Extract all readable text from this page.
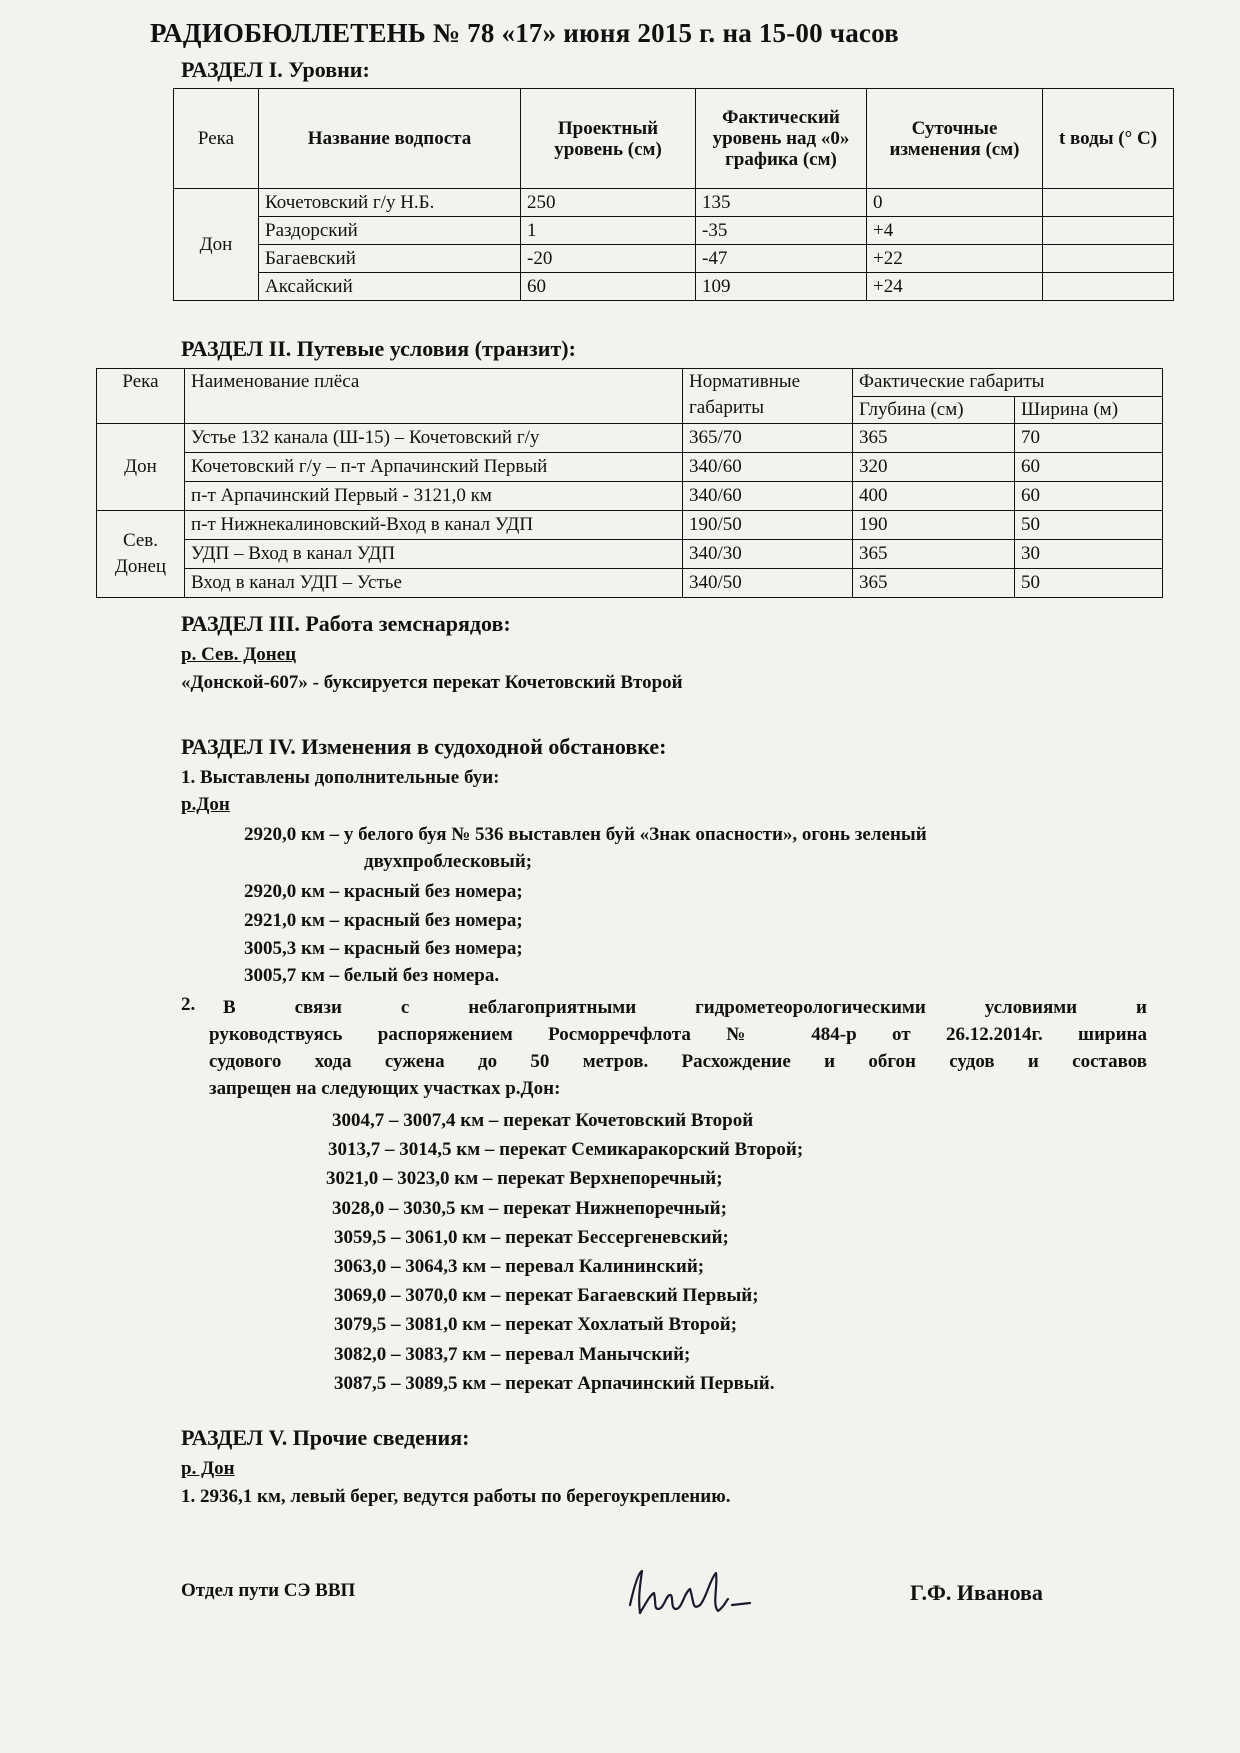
РАДИОБЮЛЛЕТЕНЬ № 78 «17» июня 2015 г. на 15-00 часов
РАЗДЕЛ I. Уровни:
Река	Название водпоста	Проектный уровень (см)	Фактический уровень над «0» графика (см)	Суточные изменения (см)	t воды (° С)
Дон	Кочетовский г/у Н.Б.	250	135	0	
	Раздорский	1	-35	+4	
	Багаевский	-20	-47	+22	
	Аксайский	60	109	+24	
РАЗДЕЛ II. Путевые условия (транзит):
Река	Наименование плёса	Нормативные габариты	Фактические габариты	
			Глубина (см)	Ширина (м)
Дон	Устье 132 канала (Ш-15) – Кочетовский г/у	365/70	365	70
	Кочетовский г/у – п-т Арпачинский Первый	340/60	320	60
	п-т Арпачинский Первый - 3121,0 км	340/60	400	60
Сев. Донец	п-т Нижнекалиновский-Вход в канал УДП	190/50	190	50
	УДП – Вход в канал УДП	340/30	365	30
	Вход в канал УДП – Устье	340/50	365	50
РАЗДЕЛ III. Работа земснарядов:
р. Сев. Донец
«Донской-607» - буксируется перекат Кочетовский Второй
РАЗДЕЛ IV. Изменения в судоходной обстановке:
1. Выставлены дополнительные буи:
р.Дон
2920,0 км – у белого буя № 536 выставлен буй «Знак опасности», огонь зеленый
двухпроблесковый;
2920,0 км – красный без номера;
2921,0 км – красный без номера;
3005,3 км – красный без номера;
3005,7 км – белый без номера.
2.	В связи с неблагоприятными гидрометеорологическими условиями и
руководствуясь распоряжением Росморречфлота № 484-р от 26.12.2014г. ширина
судового хода сужена до 50 метров. Расхождение и обгон судов и составов
запрещен на следующих участках р.Дон:
3004,7 – 3007,4 км – перекат Кочетовский Второй
3013,7 – 3014,5 км – перекат Семикаракорский Второй;
3021,0 – 3023,0 км – перекат Верхнепоречный;
3028,0 – 3030,5 км – перекат Нижнепоречный;
3059,5 – 3061,0 км – перекат Бессергеневский;
3063,0 – 3064,3 км – перевал Калининский;
3069,0 – 3070,0 км – перекат Багаевский Первый;
3079,5 – 3081,0 км – перекат Хохлатый Второй;
3082,0 – 3083,7 км – перевал Манычский;
3087,5 – 3089,5 км – перекат Арпачинский Первый.
РАЗДЕЛ V. Прочие сведения:
р. Дон
1. 2936,1 км, левый берег, ведутся работы по берегоукреплению.
Отдел пути СЭ ВВП	Г.Ф. Иванова
